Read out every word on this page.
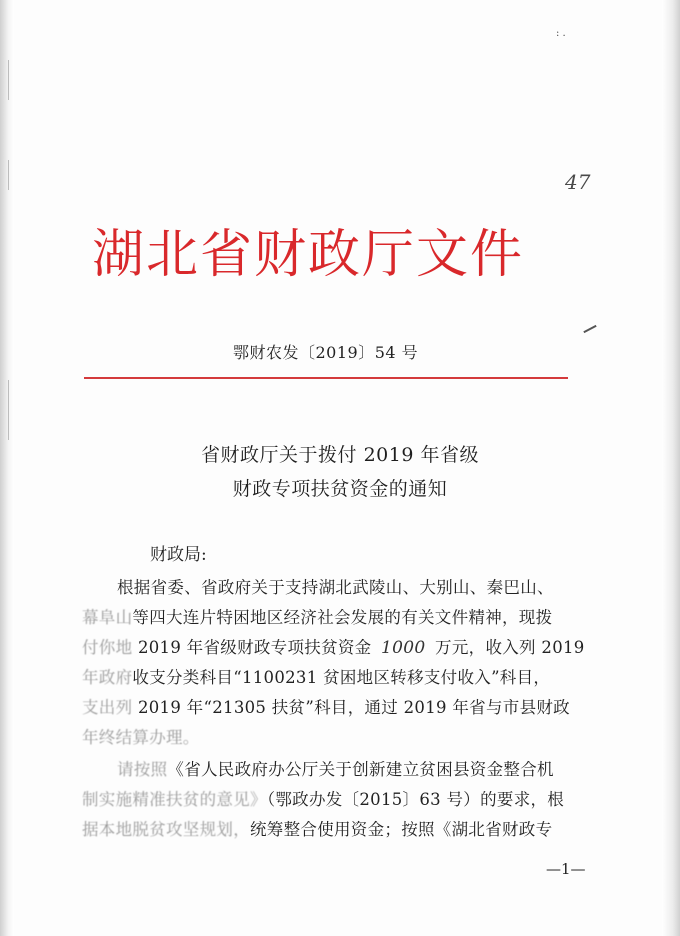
: .
47
湖北省财政厅文件
鄂财农发〔2019〕54 号
省财政厅关于拨付 2019 年省级
财政专项扶贫资金的通知
财政局:
根据省委、省政府关于支持湖北武陵山、大别山、秦巴山、
幕阜山等四大连片特困地区经济社会发展的有关文件精神，现拨
付你地 2019 年省级财政专项扶贫资金 1000 万元，收入列 2019
年政府收支分类科目“1100231 贫困地区转移支付收入”科目，
支出列 2019 年“21305 扶贫”科目，通过 2019 年省与市县财政
年终结算办理。
请按照《省人民政府办公厅关于创新建立贫困县资金整合机
制实施精准扶贫的意见》（鄂政办发〔2015〕63 号）的要求，根
据本地脱贫攻坚规划，统筹整合使用资金；按照《湖北省财政专
—1—
